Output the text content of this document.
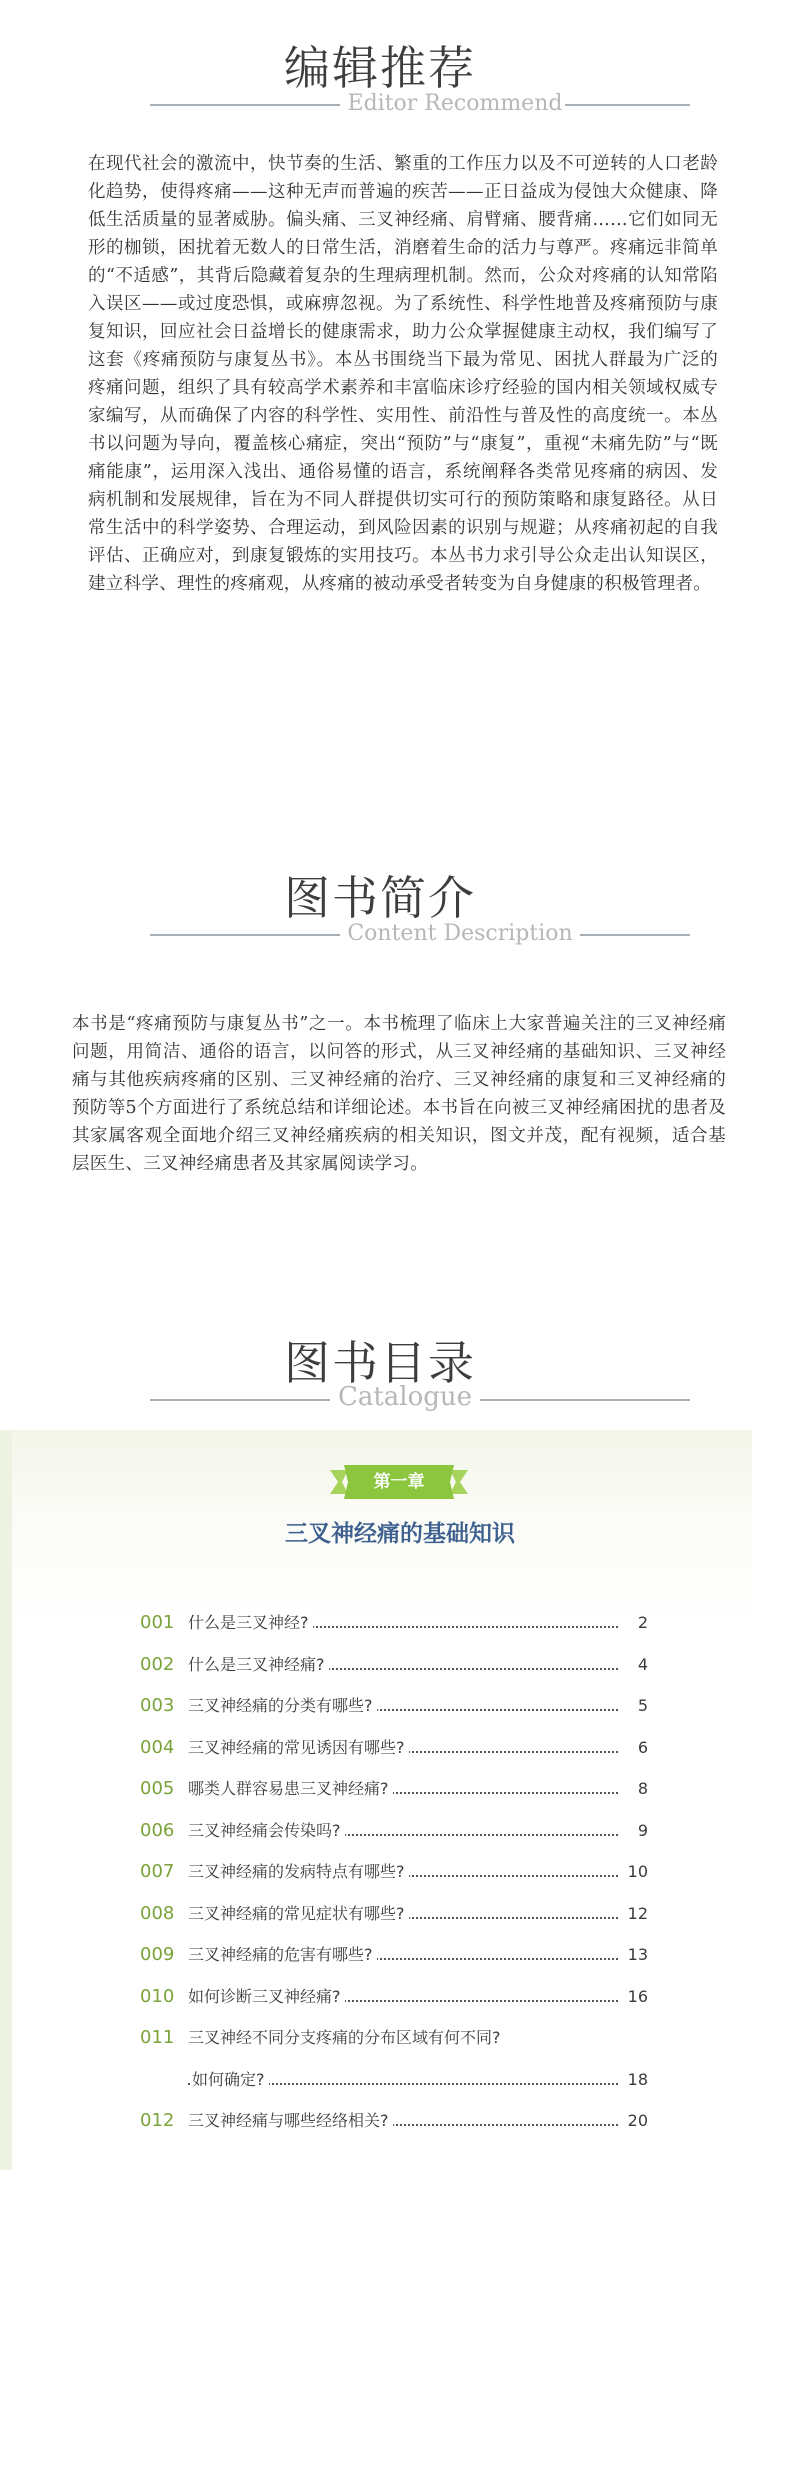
编辑推荐
Editor Recommend

在现代社会的激流中，快节奏的生活、繁重的工作压力以及不可逆转的人口老龄化趋势，使得疼痛——这种无声而普遍的疾苦——正日益成为侵蚀大众健康、降低生活质量的显著威胁。偏头痛、三叉神经痛、肩臂痛、腰背痛……它们如同无形的枷锁，困扰着无数人的日常生活，消磨着生命的活力与尊严。疼痛远非简单的“不适感”，其背后隐藏着复杂的生理病理机制。然而，公众对疼痛的认知常陷入误区——或过度恐惧，或麻痹忽视。为了系统性、科学性地普及疼痛预防与康复知识，回应社会日益增长的健康需求，助力公众掌握健康主动权，我们编写了这套《疼痛预防与康复丛书》。本丛书围绕当下最为常见、困扰人群最为广泛的疼痛问题，组织了具有较高学术素养和丰富临床诊疗经验的国内相关领域权威专家编写，从而确保了内容的科学性、实用性、前沿性与普及性的高度统一。本丛书以问题为导向，覆盖核心痛症，突出“预防”与“康复”，重视“未痛先防”与“既痛能康”，运用深入浅出、通俗易懂的语言，系统阐释各类常见疼痛的病因、发病机制和发展规律，旨在为不同人群提供切实可行的预防策略和康复路径。从日常生活中的科学姿势、合理运动，到风险因素的识别与规避；从疼痛初起的自我评估、正确应对，到康复锻炼的实用技巧。本丛书力求引导公众走出认知误区，建立科学、理性的疼痛观，从疼痛的被动承受者转变为自身健康的积极管理者。

图书简介
Content Description

本书是“疼痛预防与康复丛书”之一。本书梳理了临床上大家普遍关注的三叉神经痛问题，用简洁、通俗的语言，以问答的形式，从三叉神经痛的基础知识、三叉神经痛与其他疾病疼痛的区别、三叉神经痛的治疗、三叉神经痛的康复和三叉神经痛的预防等5个方面进行了系统总结和详细论述。本书旨在向被三叉神经痛困扰的患者及其家属客观全面地介绍三叉神经痛疾病的相关知识，图文并茂，配有视频，适合基层医生、三叉神经痛患者及其家属阅读学习。

图书目录
Catalogue
第一章
三叉神经痛的基础知识
001 什么是三叉神经?	2
002 什么是三叉神经痛?	4
003 三叉神经痛的分类有哪些?	5
004 三叉神经痛的常见诱因有哪些?	6
005 哪类人群容易患三叉神经痛?	8
006 三叉神经痛会传染吗?	9
007 三叉神经痛的发病特点有哪些?	10
008 三叉神经痛的常见症状有哪些?	12
009 三叉神经痛的危害有哪些?	13
010 如何诊断三叉神经痛?	16
011 三叉神经不同分支疼痛的分布区域有何不同?
如何确定?	18
012 三叉神经痛与哪些经络相关?	20
